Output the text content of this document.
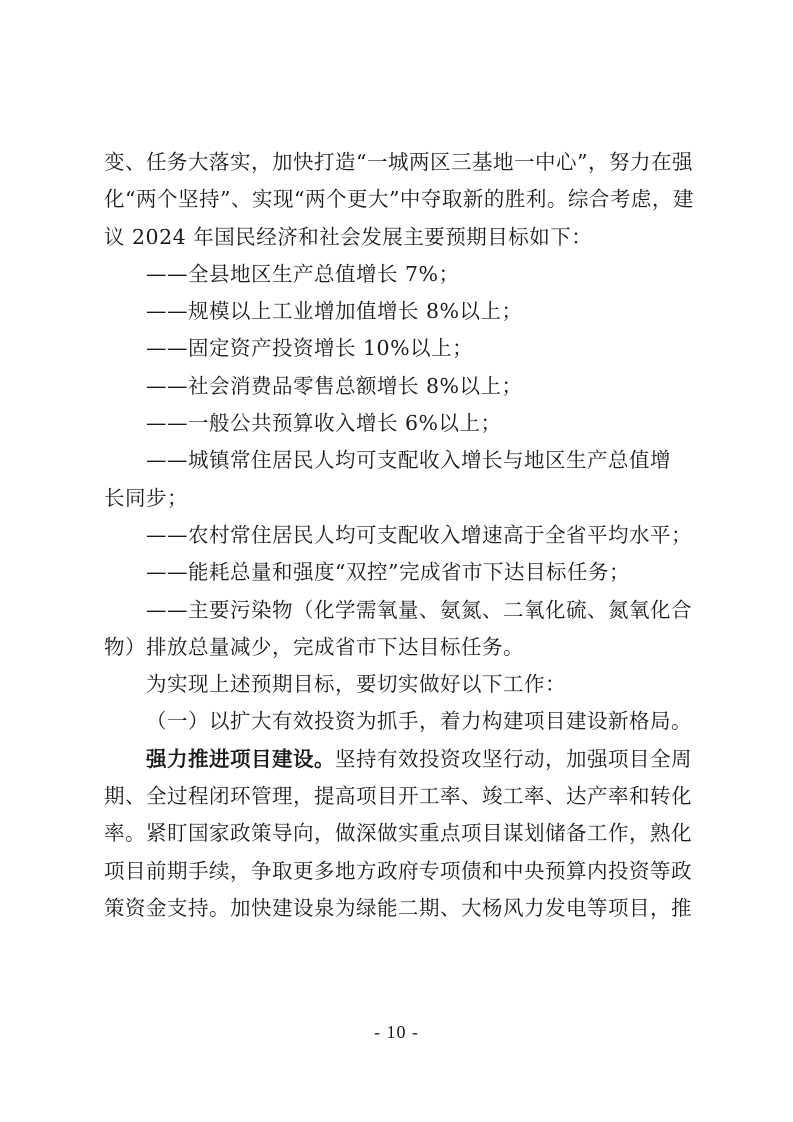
变、任务大落实，加快打造“一城两区三基地一中心”，努力在强
化“两个坚持”、实现“两个更大”中夺取新的胜利。综合考虑，建
议 2024 年国民经济和社会发展主要预期目标如下：
——全县地区生产总值增长 7%；
——规模以上工业增加值增长 8%以上；
——固定资产投资增长 10%以上；
——社会消费品零售总额增长 8%以上；
——一般公共预算收入增长 6%以上；
——城镇常住居民人均可支配收入增长与地区生产总值增
长同步；
——农村常住居民人均可支配收入增速高于全省平均水平；
——能耗总量和强度“双控”完成省市下达目标任务；
——主要污染物（化学需氧量、氨氮、二氧化硫、氮氧化合
物）排放总量减少，完成省市下达目标任务。
为实现上述预期目标，要切实做好以下工作：
（一）以扩大有效投资为抓手，着力构建项目建设新格局。
强力推进项目建设。坚持有效投资攻坚行动，加强项目全周
期、全过程闭环管理，提高项目开工率、竣工率、达产率和转化
率。紧盯国家政策导向，做深做实重点项目谋划储备工作，熟化
项目前期手续，争取更多地方政府专项债和中央预算内投资等政
策资金支持。加快建设泉为绿能二期、大杨风力发电等项目，推
- 10 -
